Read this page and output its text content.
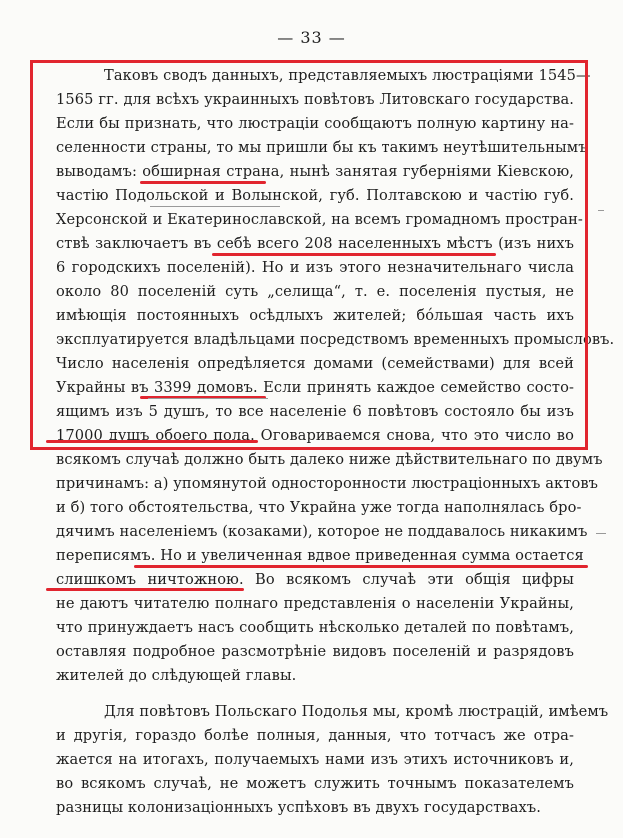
— 33 —
Таковъ сводъ данныхъ, представляемыхъ люстраціями 1545—
1565 гг. для всѣхъ украинныхъ повѣтовъ Литовскаго государства.
Если бы признать, что люстраціи сообщаютъ полную картину на-
селенности страны, то мы пришли бы къ такимъ неутѣшительнымъ
выводамъ: обширная страна, нынѣ занятая губерніями Кіевскою,
частію Подольской и Волынской, губ. Полтавскою и частію губ.
Херсонской и Екатеринославской, на всемъ громадномъ простран-
ствѣ заключаетъ въ себѣ всего 208 населенныхъ мѣстъ (изъ нихъ
6 городскихъ поселеній). Но и изъ этого незначительнаго числа
около 80 поселеній суть „селища“, т. е. поселенія пустыя, не
имѣющія постоянныхъ осѣдлыхъ жителей; бóльшая часть ихъ
эксплуатируется владѣльцами посредствомъ временныхъ промысловъ.
Число населенія опредѣляется домами (семействами) для всей
Украйны въ 3399 домовъ. Если принять каждое семейство состо-
ящимъ изъ 5 душъ, то все населеніе 6 повѣтовъ состояло бы изъ
17000 душъ обоего пола. Оговариваемся снова, что это число во
всякомъ случаѣ должно быть далеко ниже дѣйствительнаго по двумъ
причинамъ: а) упомянутой односторонности люстраціонныхъ актовъ
и б) того обстоятельства, что Украйна уже тогда наполнялась бро-
дячимъ населеніемъ (козаками), которое не поддавалось никакимъ
переписямъ. Но и увеличенная вдвое приведенная сумма остается
слишкомъ ничтожною. Во всякомъ случаѣ эти общія цифры
не даютъ читателю полнаго представленія о населеніи Украйны,
что принуждаетъ насъ сообщить нѣсколько деталей по повѣтамъ,
оставляя подробное разсмотрѣніе видовъ поселеній и разрядовъ
жителей до слѣдующей главы.
Для повѣтовъ Польскаго Подолья мы, кромѣ люстрацій, имѣемъ
и другія, гораздо болѣе полныя, данныя, что тотчасъ же отра-
жается на итогахъ, получаемыхъ нами изъ этихъ источниковъ и,
во всякомъ случаѣ, не можетъ служить точнымъ показателемъ
разницы колонизаціонныхъ успѣховъ въ двухъ государствахъ.
